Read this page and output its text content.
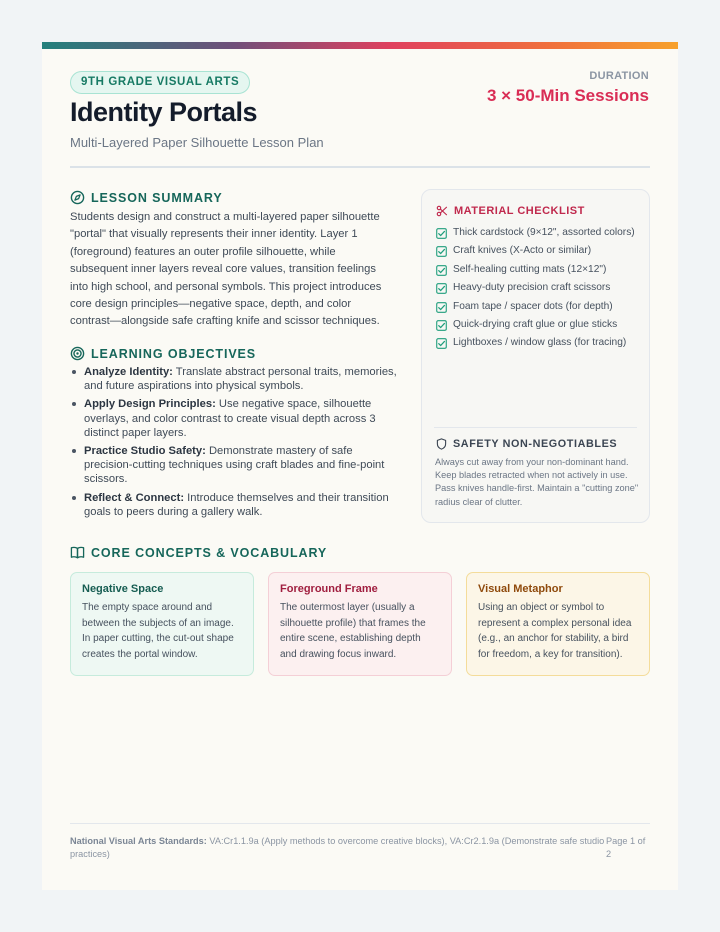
9TH GRADE VISUAL ARTS
Identity Portals
Multi-Layered Paper Silhouette Lesson Plan
DURATION
3 × 50-Min Sessions
LESSON SUMMARY

Students design and construct a multi-layered paper silhouette "portal" that visually represents their inner identity. Layer 1 (foreground) features an outer profile silhouette, while subsequent inner layers reveal core values, transition feelings into high school, and personal symbols. This project introduces core design principles—negative space, depth, and color contrast—alongside safe crafting knife and scissor techniques.

LEARNING OBJECTIVES
Analyze Identity: Translate abstract personal traits, memories, and future aspirations into physical symbols.
Apply Design Principles: Use negative space, silhouette overlays, and color contrast to create visual depth across 3 distinct paper layers.
Practice Studio Safety: Demonstrate mastery of safe precision-cutting techniques using craft blades and fine-point scissors.
Reflect & Connect: Introduce themselves and their transition goals to peers during a gallery walk.
MATERIAL CHECKLIST
Thick cardstock (9×12", assorted colors)
Craft knives (X-Acto or similar)
Self-healing cutting mats (12×12")
Heavy-duty precision craft scissors
Foam tape / spacer dots (for depth)
Quick-drying craft glue or glue sticks
Lightboxes / window glass (for tracing)
SAFETY NON-NEGOTIABLES

Always cut away from your non-dominant hand. Keep blades retracted when not actively in use. Pass knives handle-first. Maintain a "cutting zone" radius clear of clutter.

CORE CONCEPTS & VOCABULARY
Negative Space
The empty space around and between the subjects of an image. In paper cutting, the cut-out shape creates the portal window.
Foreground Frame
The outermost layer (usually a silhouette profile) that frames the entire scene, establishing depth and drawing focus inward.
Visual Metaphor
Using an object or symbol to represent a complex personal idea (e.g., an anchor for stability, a bird for freedom, a key for transition).
National Visual Arts Standards: VA:Cr1.1.9a (Apply methods to overcome creative blocks), VA:Cr2.1.9a (Demonstrate safe studio practices)
Page 1 of 2
